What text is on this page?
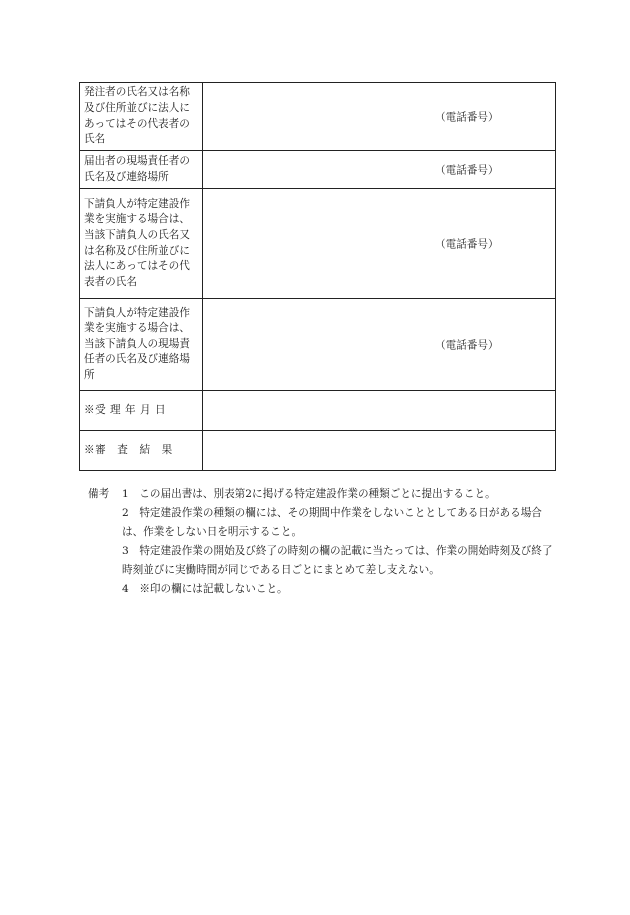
発注者の氏名又は名称及び住所並びに法人にあってはその代表者の氏名	（電話番号）

届出者の現場責任者の氏名及び連絡場所	（電話番号）

下請負人が特定建設作業を実施する場合は、当該下請負人の氏名又は名称及び住所並びに法人にあってはその代表者の氏名	（電話番号）

下請負人が特定建設作業を実施する場合は、当該下請負人の現場責任者の氏名及び連絡場所	（電話番号）

※受 理 年 月 日	
※審　査　結　果	
備考 1　この届出書は、別表第2に掲げる特定建設作業の種類ごとに提出すること。
2　特定建設作業の種類の欄には、その期間中作業をしないこととしてある日がある場合は、作業をしない日を明示すること。
3　特定建設作業の開始及び終了の時刻の欄の記載に当たっては、作業の開始時刻及び終了時刻並びに実働時間が同じである日ごとにまとめて差し支えない。
4　※印の欄には記載しないこと。
